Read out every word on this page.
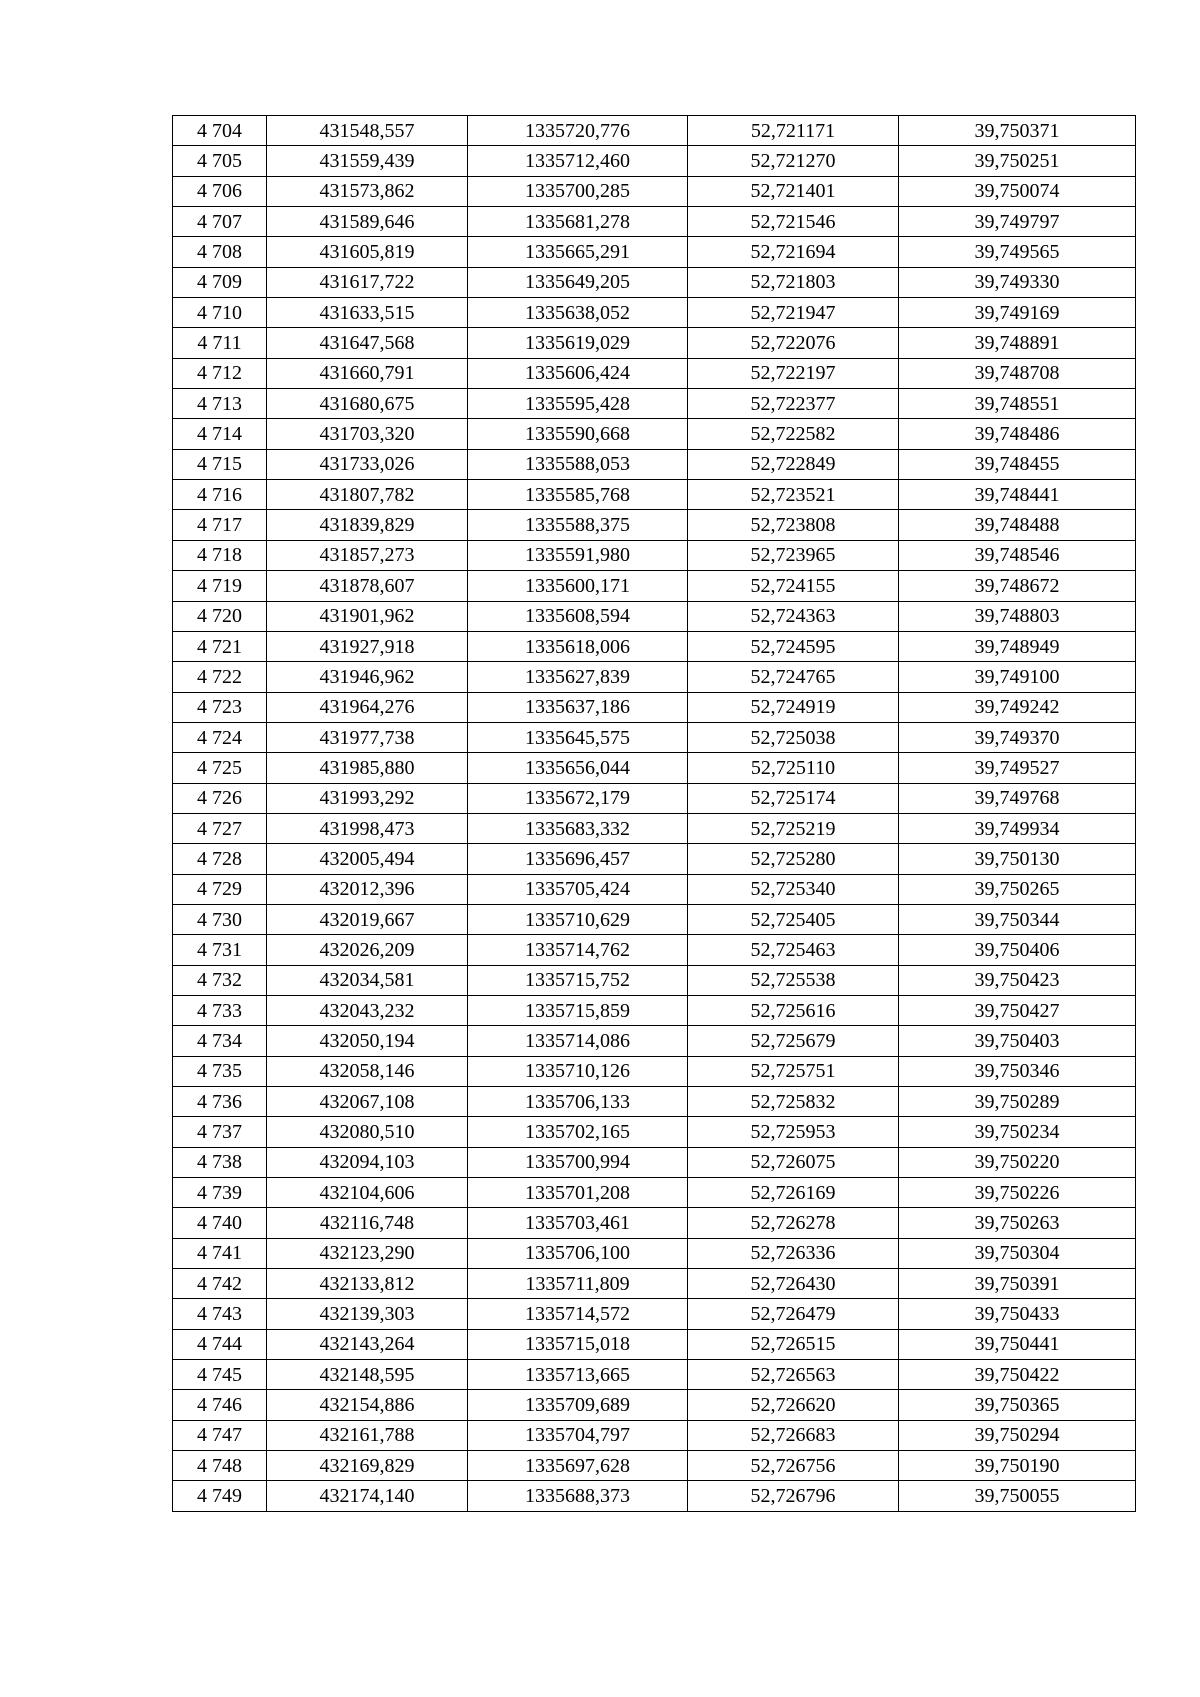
4 704	431548,557	1335720,776	52,721171	39,750371
4 705	431559,439	1335712,460	52,721270	39,750251
4 706	431573,862	1335700,285	52,721401	39,750074
4 707	431589,646	1335681,278	52,721546	39,749797
4 708	431605,819	1335665,291	52,721694	39,749565
4 709	431617,722	1335649,205	52,721803	39,749330
4 710	431633,515	1335638,052	52,721947	39,749169
4 711	431647,568	1335619,029	52,722076	39,748891
4 712	431660,791	1335606,424	52,722197	39,748708
4 713	431680,675	1335595,428	52,722377	39,748551
4 714	431703,320	1335590,668	52,722582	39,748486
4 715	431733,026	1335588,053	52,722849	39,748455
4 716	431807,782	1335585,768	52,723521	39,748441
4 717	431839,829	1335588,375	52,723808	39,748488
4 718	431857,273	1335591,980	52,723965	39,748546
4 719	431878,607	1335600,171	52,724155	39,748672
4 720	431901,962	1335608,594	52,724363	39,748803
4 721	431927,918	1335618,006	52,724595	39,748949
4 722	431946,962	1335627,839	52,724765	39,749100
4 723	431964,276	1335637,186	52,724919	39,749242
4 724	431977,738	1335645,575	52,725038	39,749370
4 725	431985,880	1335656,044	52,725110	39,749527
4 726	431993,292	1335672,179	52,725174	39,749768
4 727	431998,473	1335683,332	52,725219	39,749934
4 728	432005,494	1335696,457	52,725280	39,750130
4 729	432012,396	1335705,424	52,725340	39,750265
4 730	432019,667	1335710,629	52,725405	39,750344
4 731	432026,209	1335714,762	52,725463	39,750406
4 732	432034,581	1335715,752	52,725538	39,750423
4 733	432043,232	1335715,859	52,725616	39,750427
4 734	432050,194	1335714,086	52,725679	39,750403
4 735	432058,146	1335710,126	52,725751	39,750346
4 736	432067,108	1335706,133	52,725832	39,750289
4 737	432080,510	1335702,165	52,725953	39,750234
4 738	432094,103	1335700,994	52,726075	39,750220
4 739	432104,606	1335701,208	52,726169	39,750226
4 740	432116,748	1335703,461	52,726278	39,750263
4 741	432123,290	1335706,100	52,726336	39,750304
4 742	432133,812	1335711,809	52,726430	39,750391
4 743	432139,303	1335714,572	52,726479	39,750433
4 744	432143,264	1335715,018	52,726515	39,750441
4 745	432148,595	1335713,665	52,726563	39,750422
4 746	432154,886	1335709,689	52,726620	39,750365
4 747	432161,788	1335704,797	52,726683	39,750294
4 748	432169,829	1335697,628	52,726756	39,750190
4 749	432174,140	1335688,373	52,726796	39,750055
